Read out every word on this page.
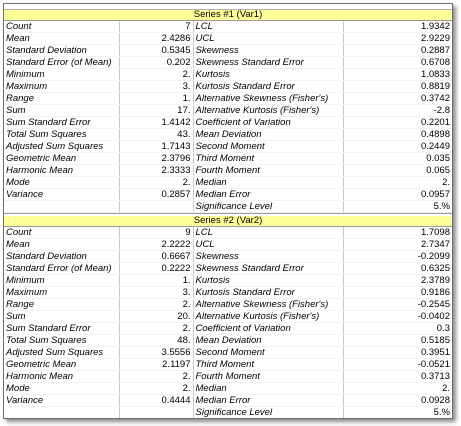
Series #1 (Var1)
Count	7	LCL	1.9342
Mean	2.4286	UCL	2.9229
Standard Deviation	0.5345	Skewness	0.2887
Standard Error (of Mean)	0.202	Skewness Standard Error	0.6708
Minimum	2.	Kurtosis	1.0833
Maximum	3.	Kurtosis Standard Error	0.8819
Range	1.	Alternative Skewness (Fisher's)	0.3742
Sum	17.	Alternative Kurtosis (Fisher's)	-2.8
Sum Standard Error	1.4142	Coefficient of Variation	0.2201
Total Sum Squares	43.	Mean Deviation	0.4898
Adjusted Sum Squares	1.7143	Second Moment	0.2449
Geometric Mean	2.3796	Third Moment	0.035
Harmonic Mean	2.3333	Fourth Moment	0.065
Mode	2.	Median	2.
Variance	0.2857	Median Error	0.0957
		Significance Level	5.%
Series #2 (Var2)
Count	9	LCL	1.7098
Mean	2.2222	UCL	2.7347
Standard Deviation	0.6667	Skewness	-0.2099
Standard Error (of Mean)	0.2222	Skewness Standard Error	0.6325
Minimum	1.	Kurtosis	2.3789
Maximum	3.	Kurtosis Standard Error	0.9186
Range	2.	Alternative Skewness (Fisher's)	-0.2545
Sum	20.	Alternative Kurtosis (Fisher's)	-0.0402
Sum Standard Error	2.	Coefficient of Variation	0.3
Total Sum Squares	48.	Mean Deviation	0.5185
Adjusted Sum Squares	3.5556	Second Moment	0.3951
Geometric Mean	2.1197	Third Moment	-0.0521
Harmonic Mean	2.	Fourth Moment	0.3713
Mode	2.	Median	2.
Variance	0.4444	Median Error	0.0928
		Significance Level	5.%
